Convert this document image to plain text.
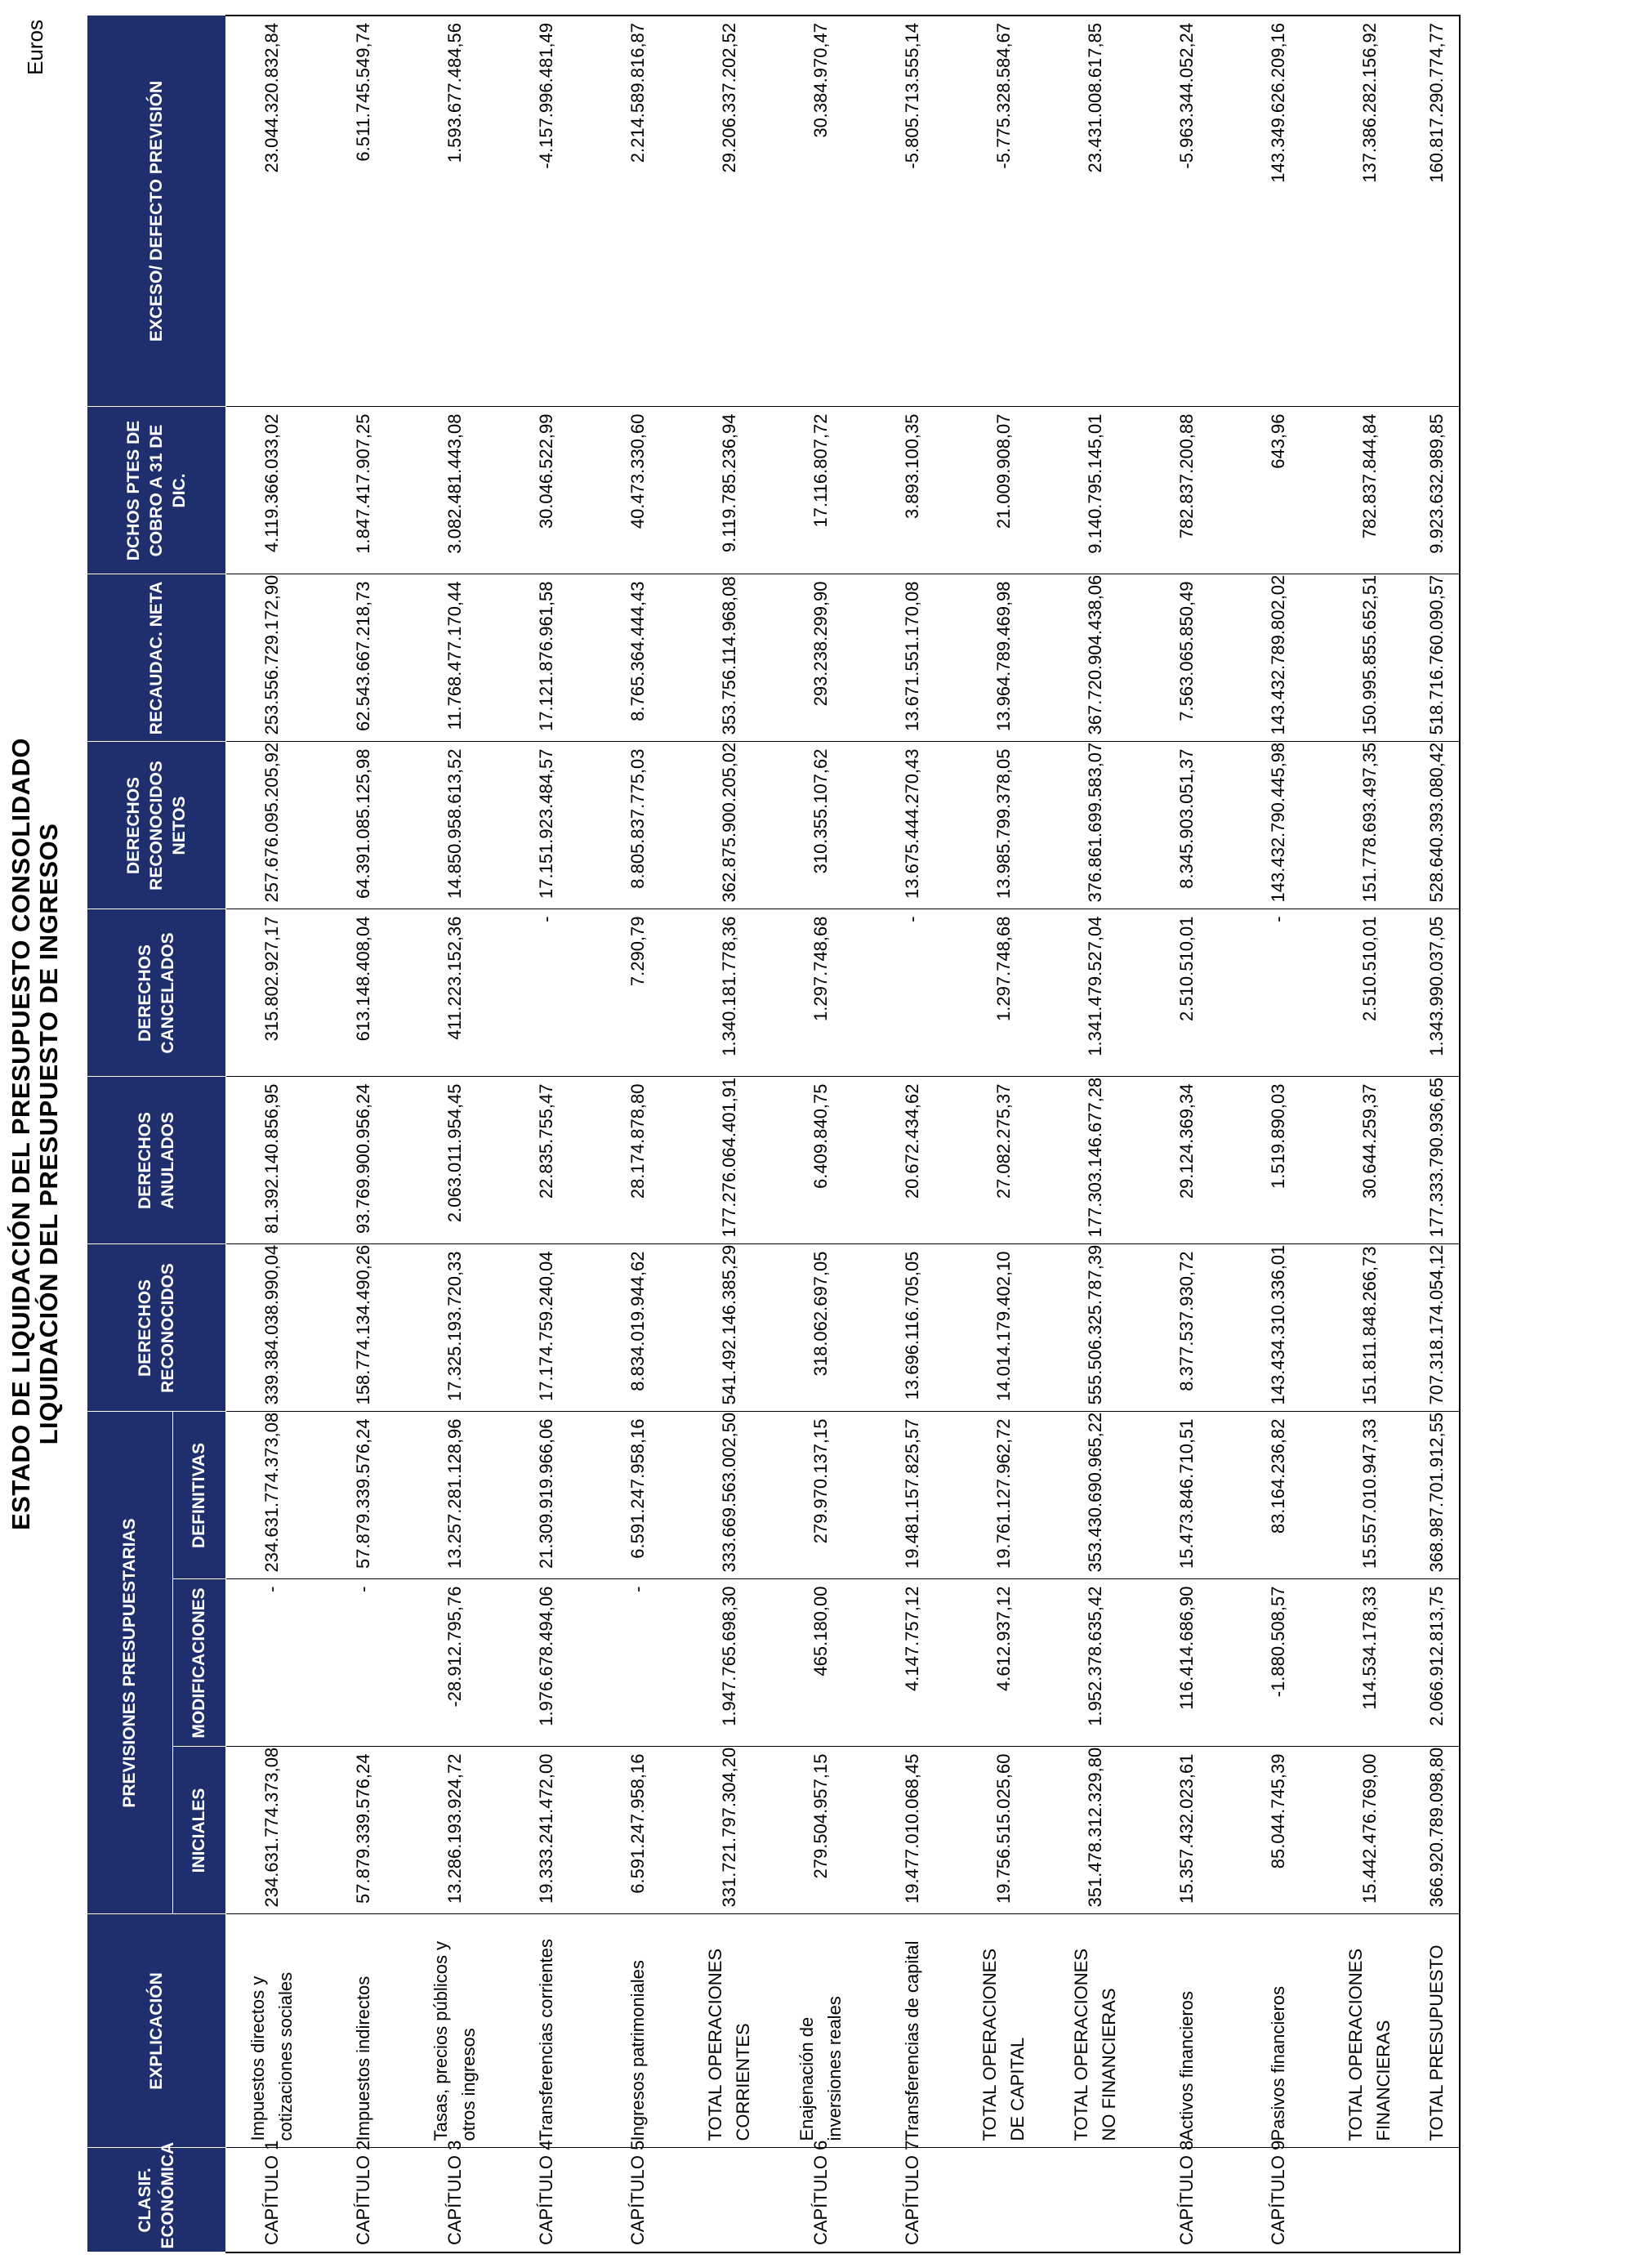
ESTADO DE LIQUIDACIÓN DEL PRESUPUESTO CONSOLIDADO LIQUIDACIÓN DEL PRESUPUESTO DE INGRESOS
Euros
CLASIF. ECONÓMICA	EXPLICACIÓN	PREVISIONES PRESUPUESTARIAS			DERECHOS RECONOCIDOS	DERECHOS ANULADOS	DERECHOS CANCELADOS	DERECHOS RECONOCIDOS NETOS	RECAUDAC. NETA	DCHOS PTES DE COBRO A 31 DE DIC.	EXCESO/ DEFECTO PREVISIÓN
		INICIALES	MODIFICACIONES	DEFINITIVAS							
CAPÍTULO 1	Impuestos directos y cotizaciones sociales	234.631.774.373,08	-	234.631.774.373,08	339.384.038.990,04	81.392.140.856,95	315.802.927,17	257.676.095.205,92	253.556.729.172,90	4.119.366.033,02	23.044.320.832,84
CAPÍTULO 2	Impuestos indirectos	57.879.339.576,24	-	57.879.339.576,24	158.774.134.490,26	93.769.900.956,24	613.148.408,04	64.391.085.125,98	62.543.667.218,73	1.847.417.907,25	6.511.745.549,74
CAPÍTULO 3	Tasas, precios públicos y otros ingresos	13.286.193.924,72	-28.912.795,76	13.257.281.128,96	17.325.193.720,33	2.063.011.954,45	411.223.152,36	14.850.958.613,52	11.768.477.170,44	3.082.481.443,08	1.593.677.484,56
CAPÍTULO 4	Transferencias corrientes	19.333.241.472,00	1.976.678.494,06	21.309.919.966,06	17.174.759.240,04	22.835.755,47	-	17.151.923.484,57	17.121.876.961,58	30.046.522,99	-4.157.996.481,49
CAPÍTULO 5	Ingresos patrimoniales	6.591.247.958,16	-	6.591.247.958,16	8.834.019.944,62	28.174.878,80	7.290,79	8.805.837.775,03	8.765.364.444,43	40.473.330,60	2.214.589.816,87
	TOTAL OPERACIONES CORRIENTES	331.721.797.304,20	1.947.765.698,30	333.669.563.002,50	541.492.146.385,29	177.276.064.401,91	1.340.181.778,36	362.875.900.205,02	353.756.114.968,08	9.119.785.236,94	29.206.337.202,52
CAPÍTULO 6	Enajenación de inversiones reales	279.504.957,15	465.180,00	279.970.137,15	318.062.697,05	6.409.840,75	1.297.748,68	310.355.107,62	293.238.299,90	17.116.807,72	30.384.970,47
CAPÍTULO 7	Transferencias de capital	19.477.010.068,45	4.147.757,12	19.481.157.825,57	13.696.116.705,05	20.672.434,62	-	13.675.444.270,43	13.671.551.170,08	3.893.100,35	-5.805.713.555,14
	TOTAL OPERACIONES DE CAPITAL	19.756.515.025,60	4.612.937,12	19.761.127.962,72	14.014.179.402,10	27.082.275,37	1.297.748,68	13.985.799.378,05	13.964.789.469,98	21.009.908,07	-5.775.328.584,67
	TOTAL OPERACIONES NO FINANCIERAS	351.478.312.329,80	1.952.378.635,42	353.430.690.965,22	555.506.325.787,39	177.303.146.677,28	1.341.479.527,04	376.861.699.583,07	367.720.904.438,06	9.140.795.145,01	23.431.008.617,85
CAPÍTULO 8	Activos financieros	15.357.432.023,61	116.414.686,90	15.473.846.710,51	8.377.537.930,72	29.124.369,34	2.510.510,01	8.345.903.051,37	7.563.065.850,49	782.837.200,88	-5.963.344.052,24
CAPÍTULO 9	Pasivos financieros	85.044.745,39	-1.880.508,57	83.164.236,82	143.434.310.336,01	1.519.890,03	-	143.432.790.445,98	143.432.789.802,02	643,96	143.349.626.209,16
	TOTAL OPERACIONES FINANCIERAS	15.442.476.769,00	114.534.178,33	15.557.010.947,33	151.811.848.266,73	30.644.259,37	2.510.510,01	151.778.693.497,35	150.995.855.652,51	782.837.844,84	137.386.282.156,92
	TOTAL PRESUPUESTO	366.920.789.098,80	2.066.912.813,75	368.987.701.912,55	707.318.174.054,12	177.333.790.936,65	1.343.990.037,05	528.640.393.080,42	518.716.760.090,57	9.923.632.989,85	160.817.290.774,77
